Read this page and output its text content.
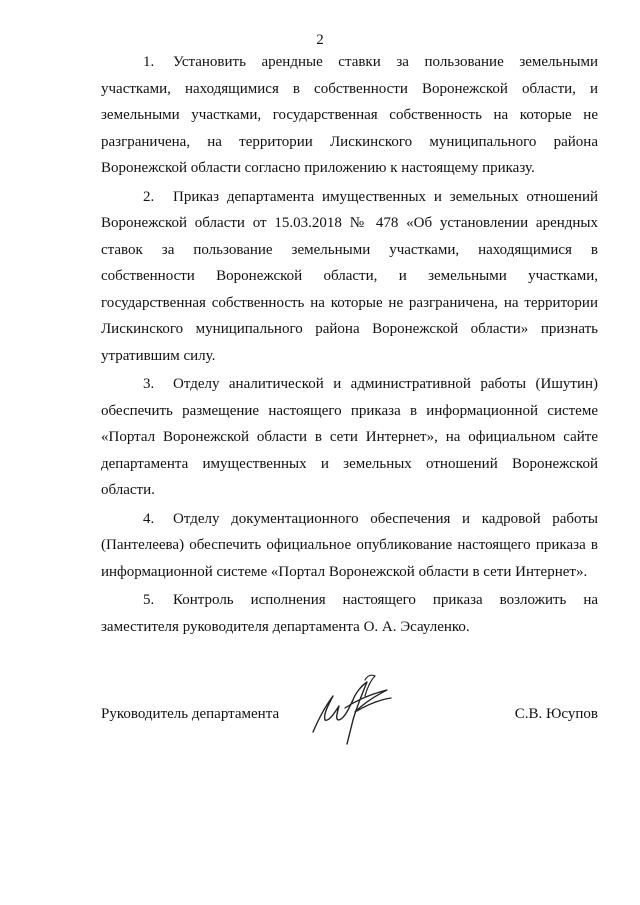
2

1. Установить арендные ставки за пользование земельными участками, находящимися в собственности Воронежской области, и земельными участками, государственная собственность на которые не разграничена, на территории Лискинского муниципального района Воронежской области согласно приложению к настоящему приказу.

2. Приказ департамента имущественных и земельных отношений Воронежской области от 15.03.2018 № 478 «Об установлении арендных ставок за пользование земельными участками, находящимися в собственности Воронежской области, и земельными участками, государственная собственность на которые не разграничена, на территории Лискинского муниципального района Воронежской области» признать утратившим силу.

3. Отделу аналитической и административной работы (Ишутин) обеспечить размещение настоящего приказа в информационной системе «Портал Воронежской области в сети Интернет», на официальном сайте департамента имущественных и земельных отношений Воронежской области.

4. Отделу документационного обеспечения и кадровой работы (Пантелеева) обеспечить официальное опубликование настоящего приказа в информационной системе «Портал Воронежской области в сети Интернет».

5. Контроль исполнения настоящего приказа возложить на заместителя руководителя департамента О. А. Эсауленко.

Руководитель департамента	С.В. Юсупов
